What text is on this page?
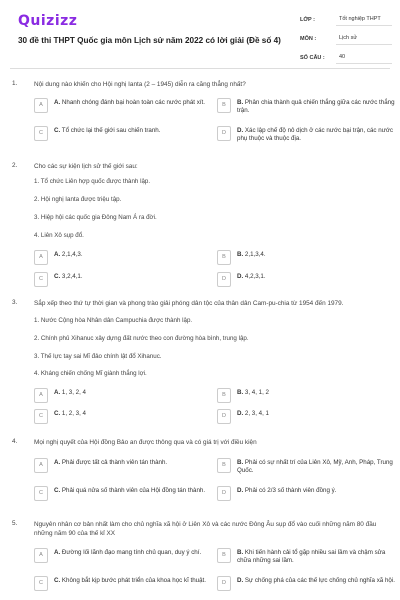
Quizizz
30 đề thi THPT Quốc gia môn Lịch sử năm 2022 có lời giải (Đề số 4)
LỚP :	Tốt nghiệp THPT
MÔN :	Lịch sử
SỐ CÂU :	40
1.	Nội dung nào khiến cho Hội nghị Ianta (2 – 1945) diễn ra căng thẳng nhất?
A	A. Nhanh chóng đánh bại hoàn toàn các nước phát xít.	B	B. Phân chia thành quả chiến thắng giữa các nước thắng trận.
C	C. Tổ chức lại thế giới sau chiến tranh.	D	D. Xác lập chế độ nô dịch ở các nước bại trận, các nước phụ thuộc và thuộc địa.
2.	Cho các sự kiện lịch sử thế giới sau:
1. Tổ chức Liên hợp quốc được thành lập.
2. Hội nghị Ianta được triệu tập.
3. Hiệp hội các quốc gia Đông Nam Á ra đời.
4. Liên Xô sụp đổ.
A	A. 2,1,4,3.	B	B. 2,1,3,4.
C	C. 3,2,4,1.	D	D. 4,2,3,1.
3.	Sắp xếp theo thứ tự thời gian và phong trào giải phóng dân tộc của thân dân Cam-pu-chia từ 1954 đến 1979.
1. Nước Cộng hòa Nhân dân Campuchia được thành lập.
2. Chính phủ Xihanuc xây dựng đất nước theo con đường hòa bình, trung lập.
3. Thế lực tay sai Mĩ đảo chính lật đổ Xihanuc.
4. Kháng chiến chống Mĩ giành thắng lợi.
A	A. 1, 3, 2, 4	B	B. 3, 4, 1, 2
C	C. 1, 2, 3, 4	D	D. 2, 3, 4, 1
4.	Mọi nghị quyết của Hội đồng Bảo an được thông qua và có giá trị với điều kiện
A	A. Phải được tất cả thành viên tán thành.	B	B. Phải có sự nhất trí của Liên Xô, Mỹ, Anh, Pháp, Trung Quốc.
C	C. Phải quá nửa số thành viên của Hội đồng tán thành.	D	D. Phải có 2/3 số thành viên đồng ý.
5.	Nguyên nhân cơ bản nhất làm cho chủ nghĩa xã hội ở Liên Xô và các nước Đông Âu sụp đổ vào cuối những năm 80 đầu những năm 90 của thế kỉ XX
A	A. Đường lối lãnh đạo mang tính chủ quan, duy ý chí.	B	B. Khi tiến hành cải tổ gặp nhiều sai lầm và chậm sửa chữa những sai lầm.
C	C. Không bắt kịp bước phát triển của khoa học kĩ thuật.	D	D. Sự chống phá của các thế lực chống chủ nghĩa xã hội.
